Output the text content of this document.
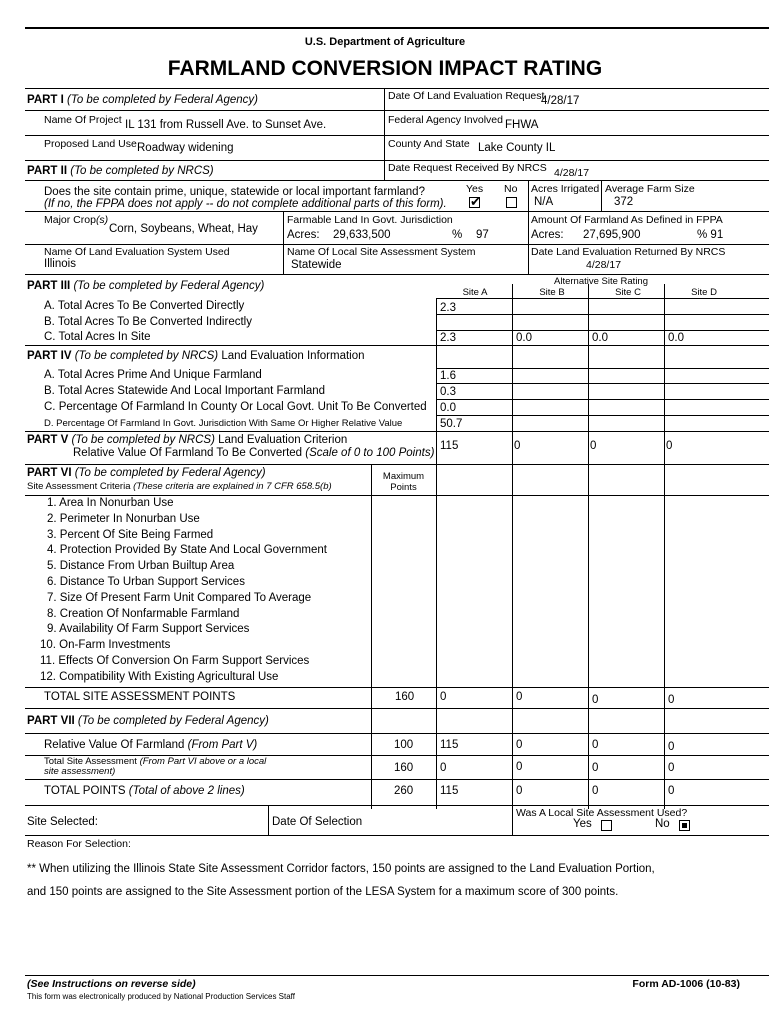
U.S. Department of Agriculture
FARMLAND CONVERSION IMPACT RATING
PART I (To be completed by Federal Agency)	Date Of Land Evaluation Request
4/28/17
Name Of Project IL 131 from Russell Ave. to Sunset Ave.	Federal Agency Involved FHWA
Proposed Land Use Roadway widening	County And State Lake County IL
PART II (To be completed by NRCS)	Date Request Received By NRCS 4/28/17
Does the site contain prime, unique, statewide or local important farmland?
(If no, the FPPA does not apply -- do not complete additional parts of this form).
Yes No
✔
Acres Irrigated
N/A
Average Farm Size
372
Major Crop(s)
Corn, Soybeans, Wheat, Hay
Farmable Land In Govt. Jurisdiction
Acres: 29,633,500	% 97
Amount Of Farmland As Defined in FPPA
Acres: 27,695,900	% 91
Name Of Land Evaluation System Used
Illinois
Name Of Local Site Assessment System
Statewide
Date Land Evaluation Returned By NRCS
4/28/17
PART III (To be completed by Federal Agency)	Alternative Site Rating
Site A	Site B	Site C	Site D
A. Total Acres To Be Converted Directly	2.3
B. Total Acres To Be Converted Indirectly
C. Total Acres In Site	2.3	0.0	0.0	0.0
PART IV (To be completed by NRCS) Land Evaluation Information
A. Total Acres Prime And Unique Farmland	1.6
B. Total Acres Statewide And Local Important Farmland	0.3
C. Percentage Of Farmland In County Or Local Govt. Unit To Be Converted 0.0
D. Percentage Of Farmland In Govt. Jurisdiction With Same Or Higher Relative Value	50.7
PART V (To be completed by NRCS) Land Evaluation Criterion
Relative Value Of Farmland To Be Converted (Scale of 0 to 100 Points)
115	0	0	0
PART VI (To be completed by Federal Agency)
Site Assessment Criteria (These criteria are explained in 7 CFR 658.5(b)
Maximum
Points
1. Area In Nonurban Use
2. Perimeter In Nonurban Use
3. Percent Of Site Being Farmed
4. Protection Provided By State And Local Government
5. Distance From Urban Builtup Area
6. Distance To Urban Support Services
7. Size Of Present Farm Unit Compared To Average
8. Creation Of Nonfarmable Farmland
9. Availability Of Farm Support Services
10. On-Farm Investments
11. Effects Of Conversion On Farm Support Services
12. Compatibility With Existing Agricultural Use
TOTAL SITE ASSESSMENT POINTS	160 0	0	0	0
PART VII (To be completed by Federal Agency)
Relative Value Of Farmland (From Part V)	100 115	0	0	0
Total Site Assessment (From Part VI above or a local
site assessment)	160 0	0	0	0
TOTAL POINTS (Total of above 2 lines)	260 115	0	0	0
Site Selected:	Date Of Selection
Was A Local Site Assessment Used?
Yes	No
Reason For Selection:
** When utilizing the Illinois State Site Assessment Corridor factors, 150 points are assigned to the Land Evaluation Portion,
and 150 points are assigned to the Site Assessment portion of the LESA System for a maximum score of 300 points.
(See Instructions on reverse side)
This form was electronically produced by National Production Services Staff
Form AD-1006 (10-83)
